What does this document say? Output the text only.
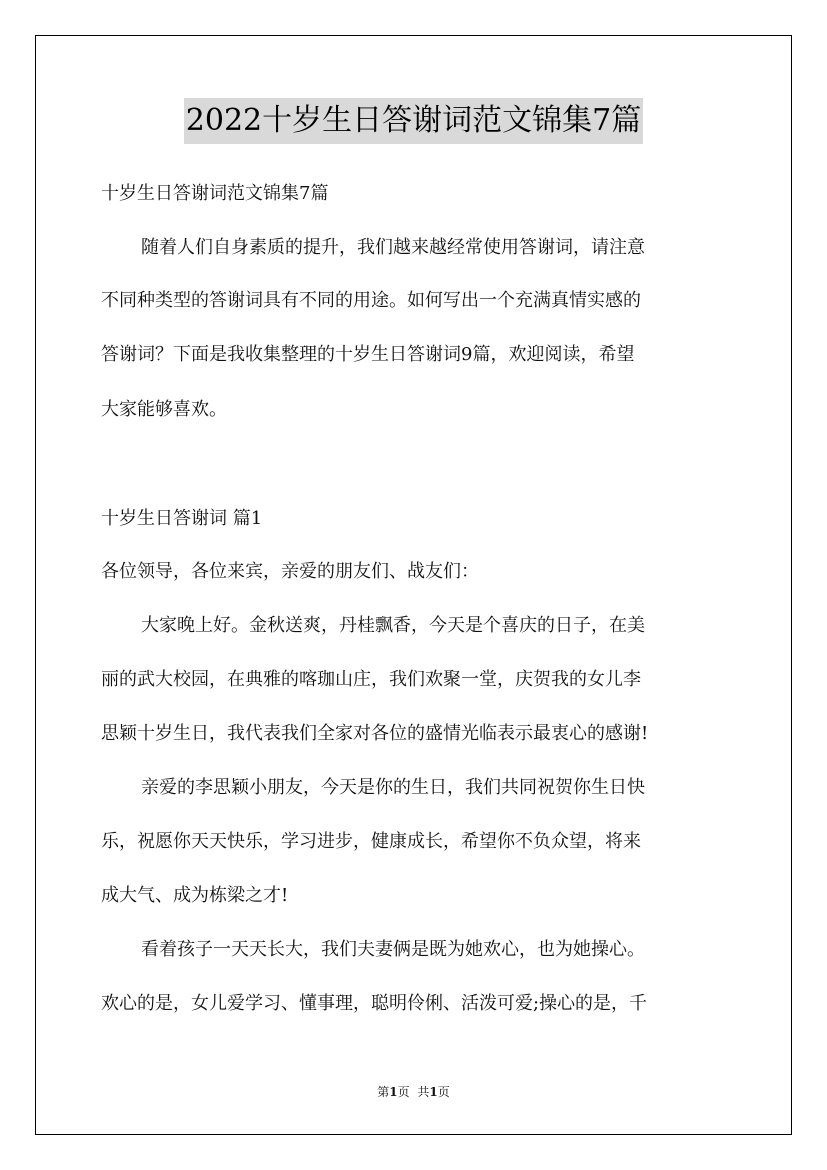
2022十岁生日答谢词范文锦集7篇
十岁生日答谢词范文锦集7篇
随着人们自身素质的提升，我们越来越经常使用答谢词，请注意
不同种类型的答谢词具有不同的用途。如何写出一个充满真情实感的
答谢词？下面是我收集整理的十岁生日答谢词9篇，欢迎阅读，希望
大家能够喜欢。
十岁生日答谢词 篇1
各位领导，各位来宾，亲爱的朋友们、战友们：
大家晚上好。金秋送爽，丹桂飘香，今天是个喜庆的日子，在美
丽的武大校园，在典雅的喀珈山庄，我们欢聚一堂，庆贺我的女儿李
思颖十岁生日，我代表我们全家对各位的盛情光临表示最衷心的感谢!
亲爱的李思颖小朋友，今天是你的生日，我们共同祝贺你生日快
乐，祝愿你天天快乐，学习进步，健康成长，希望你不负众望，将来
成大气、成为栋梁之才!
看着孩子一天天长大，我们夫妻俩是既为她欢心，也为她操心。
欢心的是，女儿爱学习、懂事理，聪明伶俐、活泼可爱;操心的是，千
第1页 共1页
